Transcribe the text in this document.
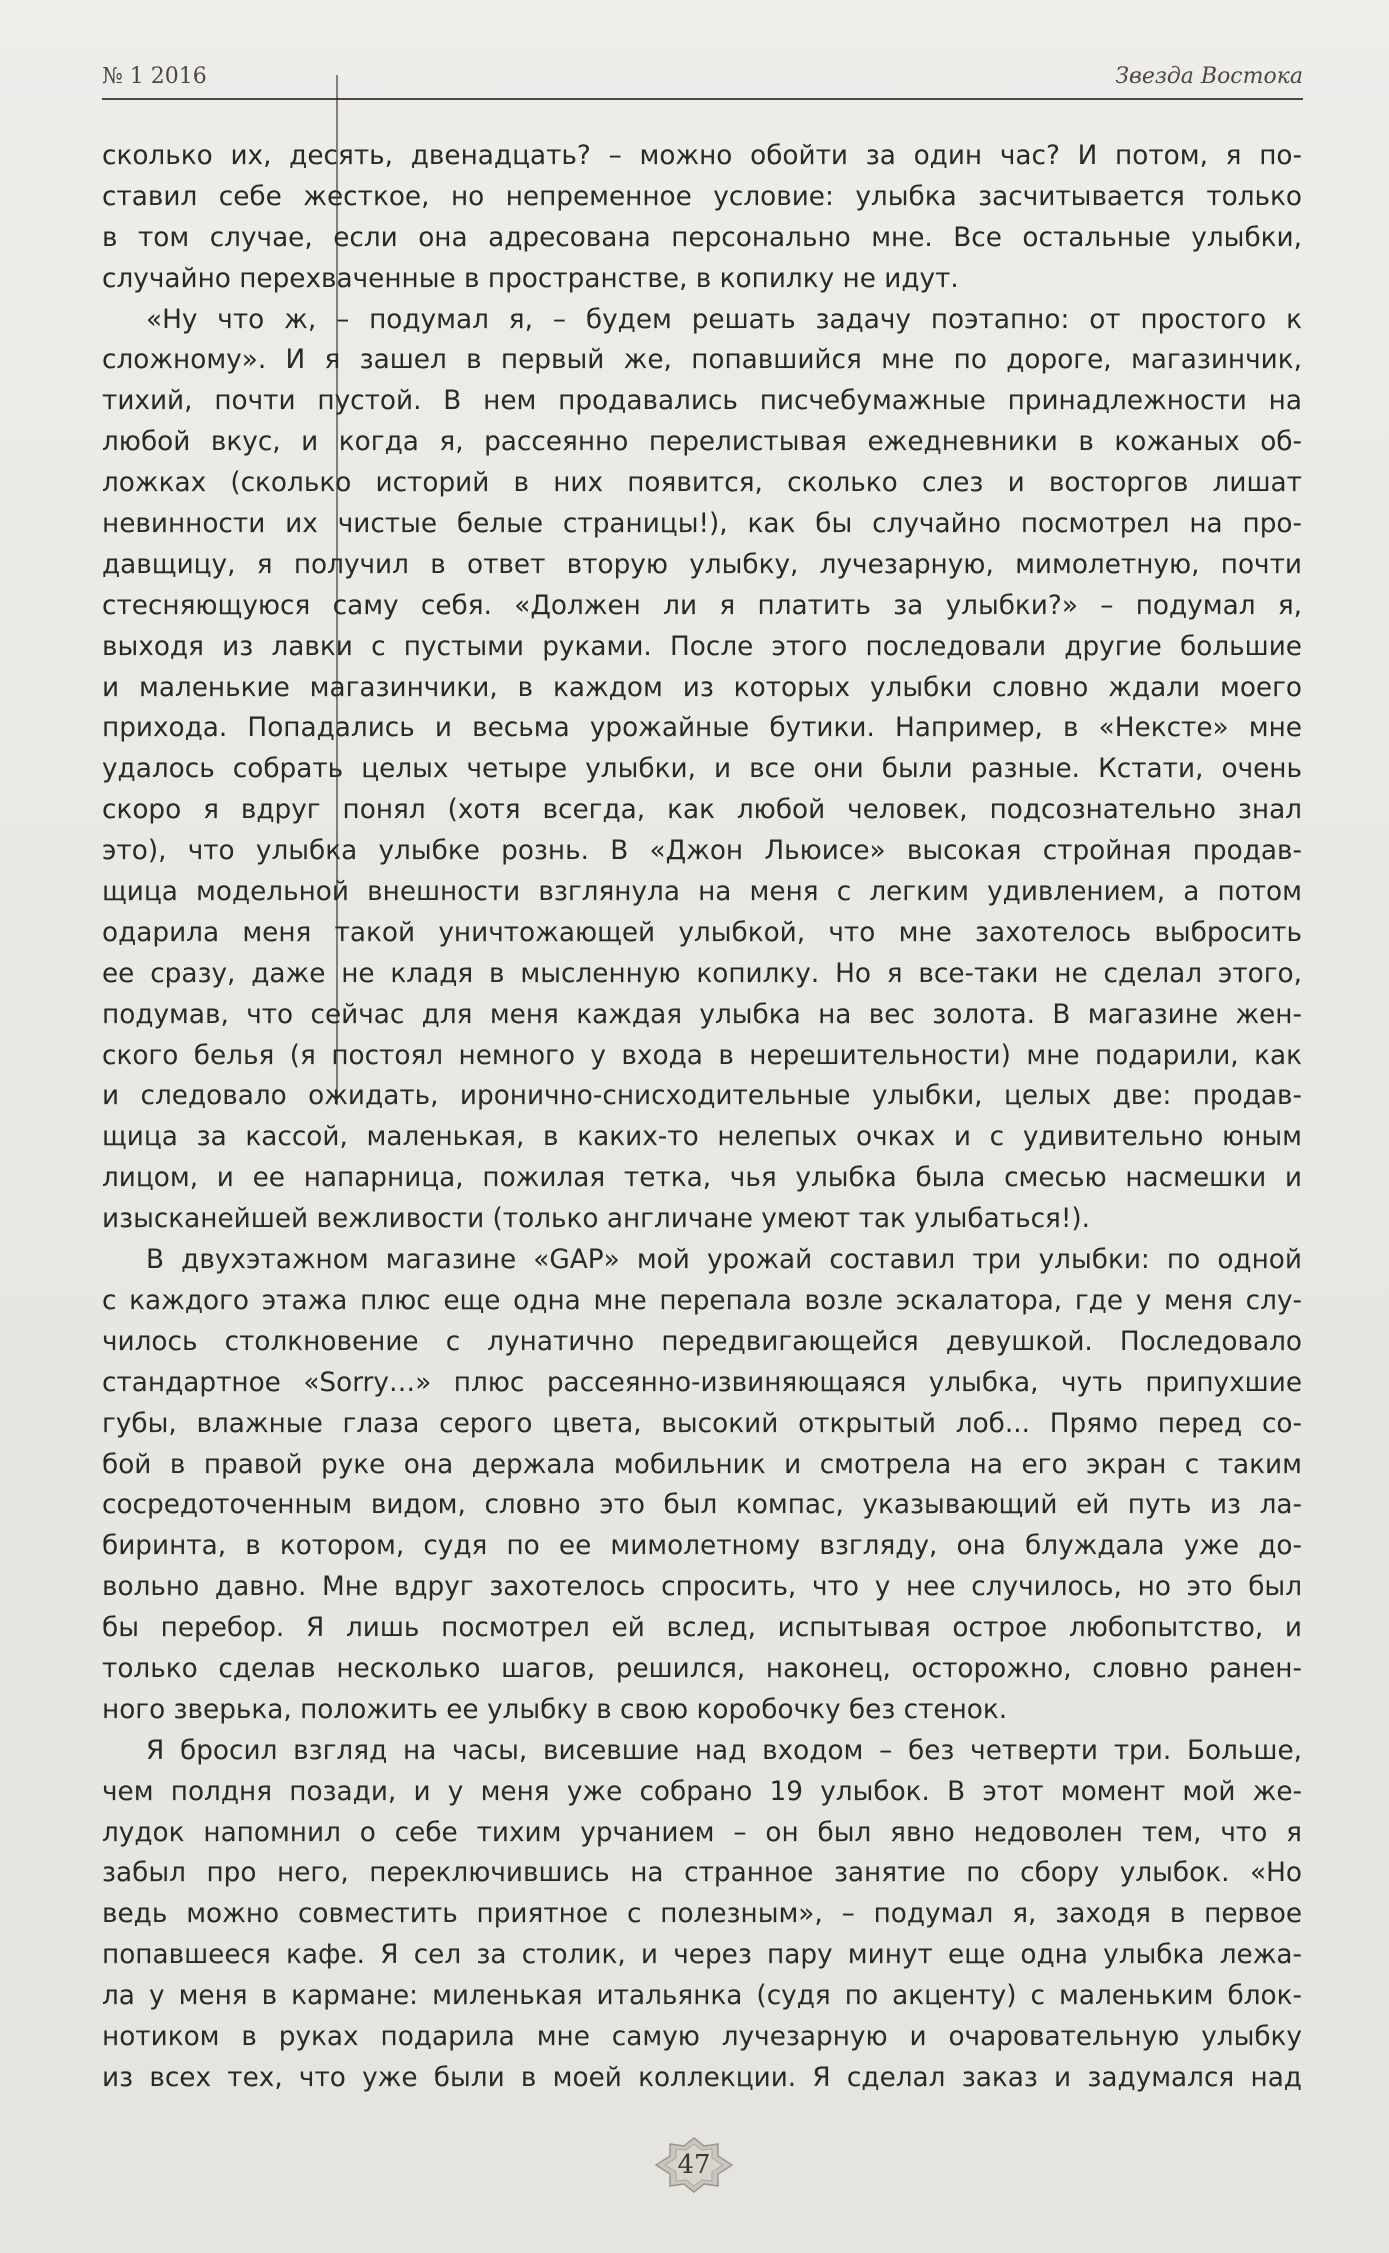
№ 1 2016	Звезда Востока
сколько их, десять, двенадцать? – можно обойти за один час? И потом, я по-
ставил себе жесткое, но непременное условие: улыбка засчитывается только
в том случае, если она адресована персонально мне. Все остальные улыбки,
случайно перехваченные в пространстве, в копилку не идут.
«Ну что ж, – подумал я, – будем решать задачу поэтапно: от простого к
сложному». И я зашел в первый же, попавшийся мне по дороге, магазинчик,
тихий, почти пустой. В нем продавались писчебумажные принадлежности на
любой вкус, и когда я, рассеянно перелистывая ежедневники в кожаных об-
ложках (сколько историй в них появится, сколько слез и восторгов лишат
невинности их чистые белые страницы!), как бы случайно посмотрел на про-
давщицу, я получил в ответ вторую улыбку, лучезарную, мимолетную, почти
стесняющуюся саму себя. «Должен ли я платить за улыбки?» – подумал я,
выходя из лавки с пустыми руками. После этого последовали другие большие
и маленькие магазинчики, в каждом из которых улыбки словно ждали моего
прихода. Попадались и весьма урожайные бутики. Например, в «Нексте» мне
удалось собрать целых четыре улыбки, и все они были разные. Кстати, очень
скоро я вдруг понял (хотя всегда, как любой человек, подсознательно знал
это), что улыбка улыбке рознь. В «Джон Льюисе» высокая стройная продав-
щица модельной внешности взглянула на меня с легким удивлением, а потом
одарила меня такой уничтожающей улыбкой, что мне захотелось выбросить
ее сразу, даже не кладя в мысленную копилку. Но я все-таки не сделал этого,
подумав, что сейчас для меня каждая улыбка на вес золота. В магазине жен-
ского белья (я постоял немного у входа в нерешительности) мне подарили, как
и следовало ожидать, иронично-снисходительные улыбки, целых две: продав-
щица за кассой, маленькая, в каких-то нелепых очках и с удивительно юным
лицом, и ее напарница, пожилая тетка, чья улыбка была смесью насмешки и
изысканейшей вежливости (только англичане умеют так улыбаться!).
В двухэтажном магазине «GAP» мой урожай составил три улыбки: по одной
с каждого этажа плюс еще одна мне перепала возле эскалатора, где у меня слу-
чилось столкновение с лунатично передвигающейся девушкой. Последовало
стандартное «Sorry…» плюс рассеянно-извиняющаяся улыбка, чуть припухшие
губы, влажные глаза серого цвета, высокий открытый лоб... Прямо перед со-
бой в правой руке она держала мобильник и смотрела на его экран с таким
сосредоточенным видом, словно это был компас, указывающий ей путь из ла-
биринта, в котором, судя по ее мимолетному взгляду, она блуждала уже до-
вольно давно. Мне вдруг захотелось спросить, что у нее случилось, но это был
бы перебор. Я лишь посмотрел ей вслед, испытывая острое любопытство, и
только сделав несколько шагов, решился, наконец, осторожно, словно ранен-
ного зверька, положить ее улыбку в свою коробочку без стенок.
Я бросил взгляд на часы, висевшие над входом – без четверти три. Больше,
чем полдня позади, и у меня уже собрано 19 улыбок. В этот момент мой же-
лудок напомнил о себе тихим урчанием – он был явно недоволен тем, что я
забыл про него, переключившись на странное занятие по сбору улыбок. «Но
ведь можно совместить приятное с полезным», – подумал я, заходя в первое
попавшееся кафе. Я сел за столик, и через пару минут еще одна улыбка лежа-
ла у меня в кармане: миленькая итальянка (судя по акценту) с маленьким блок-
нотиком в руках подарила мне самую лучезарную и очаровательную улыбку
из всех тех, что уже были в моей коллекции. Я сделал заказ и задумался над
47
